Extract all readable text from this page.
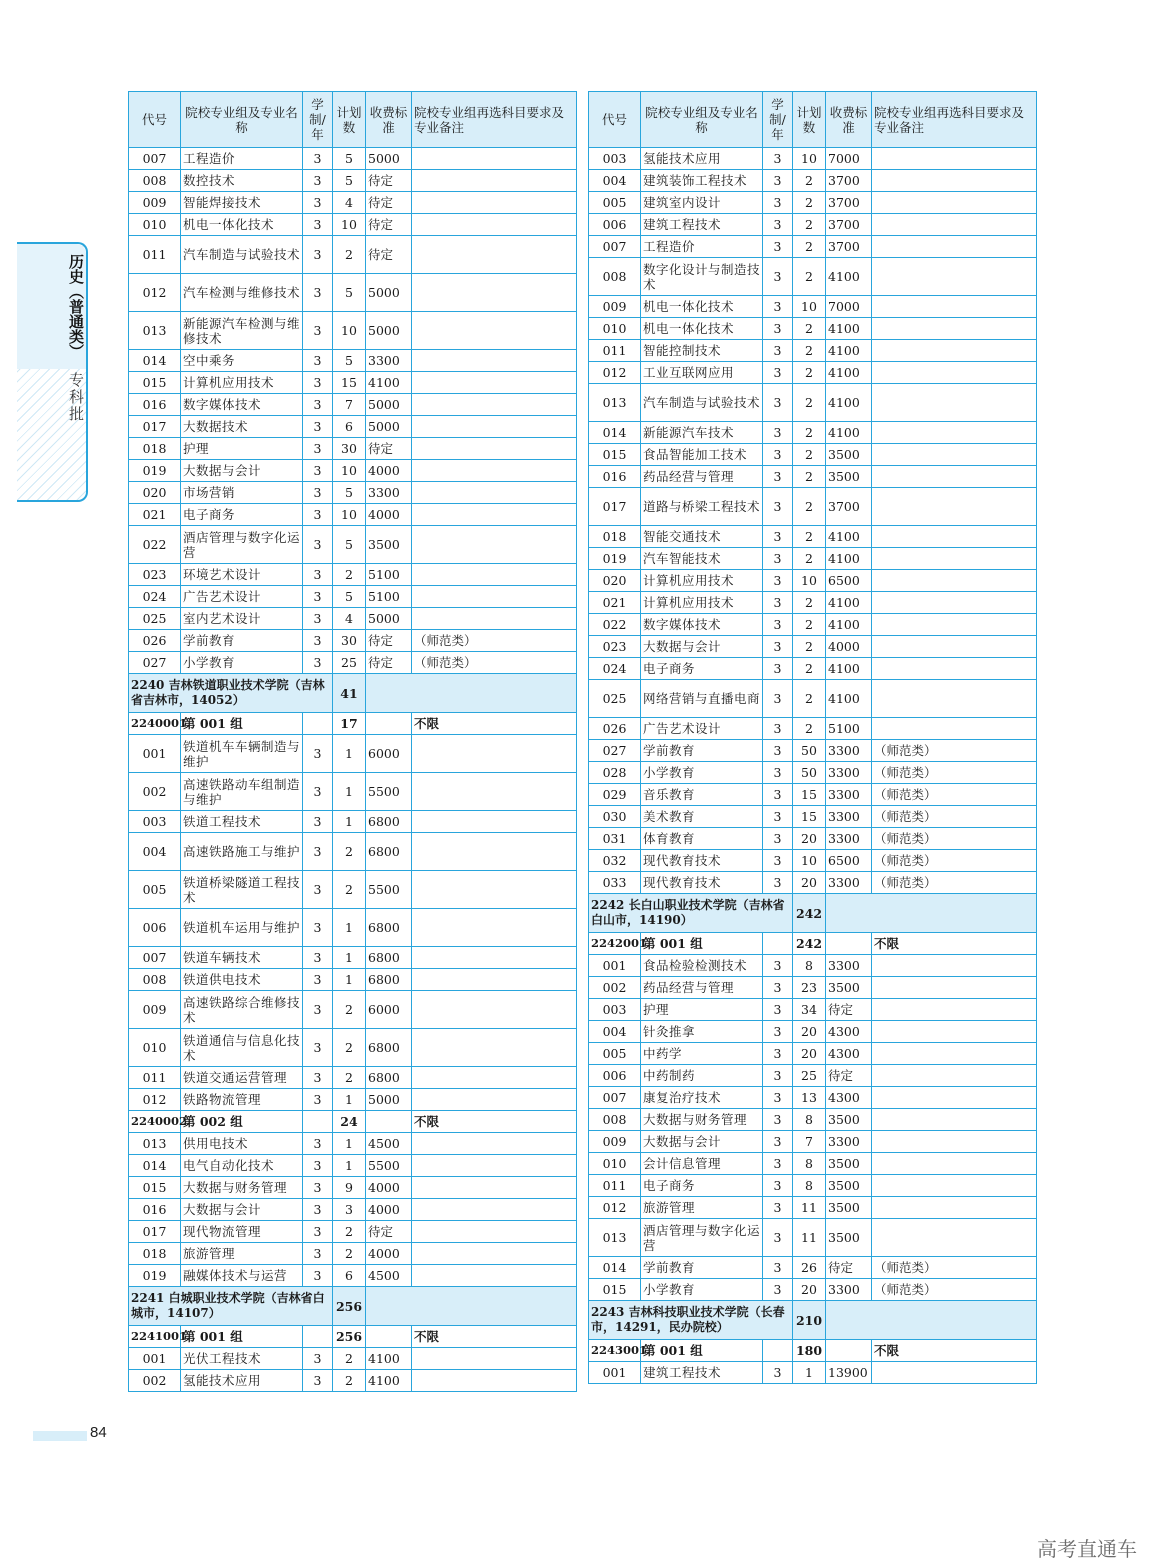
历史（普通类）
专科批
代号	院校专业组及专业名称	学制/年	计划数	收费标准	院校专业组再选科目要求及专业备注
007	工程造价	3	5	5000	
008	数控技术	3	5	待定	
009	智能焊接技术	3	4	待定	
010	机电一体化技术	3	10	待定	
011	汽车制造与试验技术	3	2	待定	
012	汽车检测与维修技术	3	5	5000	
013	新能源汽车检测与维修技术	3	10	5000	
014	空中乘务	3	5	3300	
015	计算机应用技术	3	15	4100	
016	数字媒体技术	3	7	5000	
017	大数据技术	3	6	5000	
018	护理	3	30	待定	
019	大数据与会计	3	10	4000	
020	市场营销	3	5	3300	
021	电子商务	3	10	4000	
022	酒店管理与数字化运营	3	5	3500	
023	环境艺术设计	3	2	5100	
024	广告艺术设计	3	5	5100	
025	室内艺术设计	3	4	5000	
026	学前教育	3	30	待定	（师范类）
027	小学教育	3	25	待定	（师范类）
2240 吉林铁道职业技术学院（吉林省吉林市，14052）			41		
2240001	第 001 组		17		不限
001	铁道机车车辆制造与维护	3	1	6000	
002	高速铁路动车组制造与维护	3	1	5500	
003	铁道工程技术	3	1	6800	
004	高速铁路施工与维护	3	2	6800	
005	铁道桥梁隧道工程技术	3	2	5500	
006	铁道机车运用与维护	3	1	6800	
007	铁道车辆技术	3	1	6800	
008	铁道供电技术	3	1	6800	
009	高速铁路综合维修技术	3	2	6000	
010	铁道通信与信息化技术	3	2	6800	
011	铁道交通运营管理	3	2	6800	
012	铁路物流管理	3	1	5000	
2240002	第 002 组		24		不限
013	供用电技术	3	1	4500	
014	电气自动化技术	3	1	5500	
015	大数据与财务管理	3	9	4000	
016	大数据与会计	3	3	4000	
017	现代物流管理	3	2	待定	
018	旅游管理	3	2	4000	
019	融媒体技术与运营	3	6	4500	
2241 白城职业技术学院（吉林省白城市，14107）			256		
2241001	第 001 组		256		不限
001	光伏工程技术	3	2	4100	
002	氢能技术应用	3	2	4100	
代号	院校专业组及专业名称	学制/年	计划数	收费标准	院校专业组再选科目要求及专业备注
003	氢能技术应用	3	10	7000	
004	建筑装饰工程技术	3	2	3700	
005	建筑室内设计	3	2	3700	
006	建筑工程技术	3	2	3700	
007	工程造价	3	2	3700	
008	数字化设计与制造技术	3	2	4100	
009	机电一体化技术	3	10	7000	
010	机电一体化技术	3	2	4100	
011	智能控制技术	3	2	4100	
012	工业互联网应用	3	2	4100	
013	汽车制造与试验技术	3	2	4100	
014	新能源汽车技术	3	2	4100	
015	食品智能加工技术	3	2	3500	
016	药品经营与管理	3	2	3500	
017	道路与桥梁工程技术	3	2	3700	
018	智能交通技术	3	2	4100	
019	汽车智能技术	3	2	4100	
020	计算机应用技术	3	10	6500	
021	计算机应用技术	3	2	4100	
022	数字媒体技术	3	2	4100	
023	大数据与会计	3	2	4000	
024	电子商务	3	2	4100	
025	网络营销与直播电商	3	2	4100	
026	广告艺术设计	3	2	5100	
027	学前教育	3	50	3300	（师范类）
028	小学教育	3	50	3300	（师范类）
029	音乐教育	3	15	3300	（师范类）
030	美术教育	3	15	3300	（师范类）
031	体育教育	3	20	3300	（师范类）
032	现代教育技术	3	10	6500	（师范类）
033	现代教育技术	3	20	3300	（师范类）
2242 长白山职业技术学院（吉林省白山市，14190）			242		
2242001	第 001 组		242		不限
001	食品检验检测技术	3	8	3300	
002	药品经营与管理	3	23	3500	
003	护理	3	34	待定	
004	针灸推拿	3	20	4300	
005	中药学	3	20	4300	
006	中药制药	3	25	待定	
007	康复治疗技术	3	13	4300	
008	大数据与财务管理	3	8	3500	
009	大数据与会计	3	7	3300	
010	会计信息管理	3	8	3500	
011	电子商务	3	8	3500	
012	旅游管理	3	11	3500	
013	酒店管理与数字化运营	3	11	3500	
014	学前教育	3	26	待定	（师范类）
015	小学教育	3	20	3300	（师范类）
2243 吉林科技职业技术学院（长春市，14291，民办院校）			210		
2243001	第 001 组		180		不限
001	建筑工程技术	3	1	13900	
84
高考直通车
